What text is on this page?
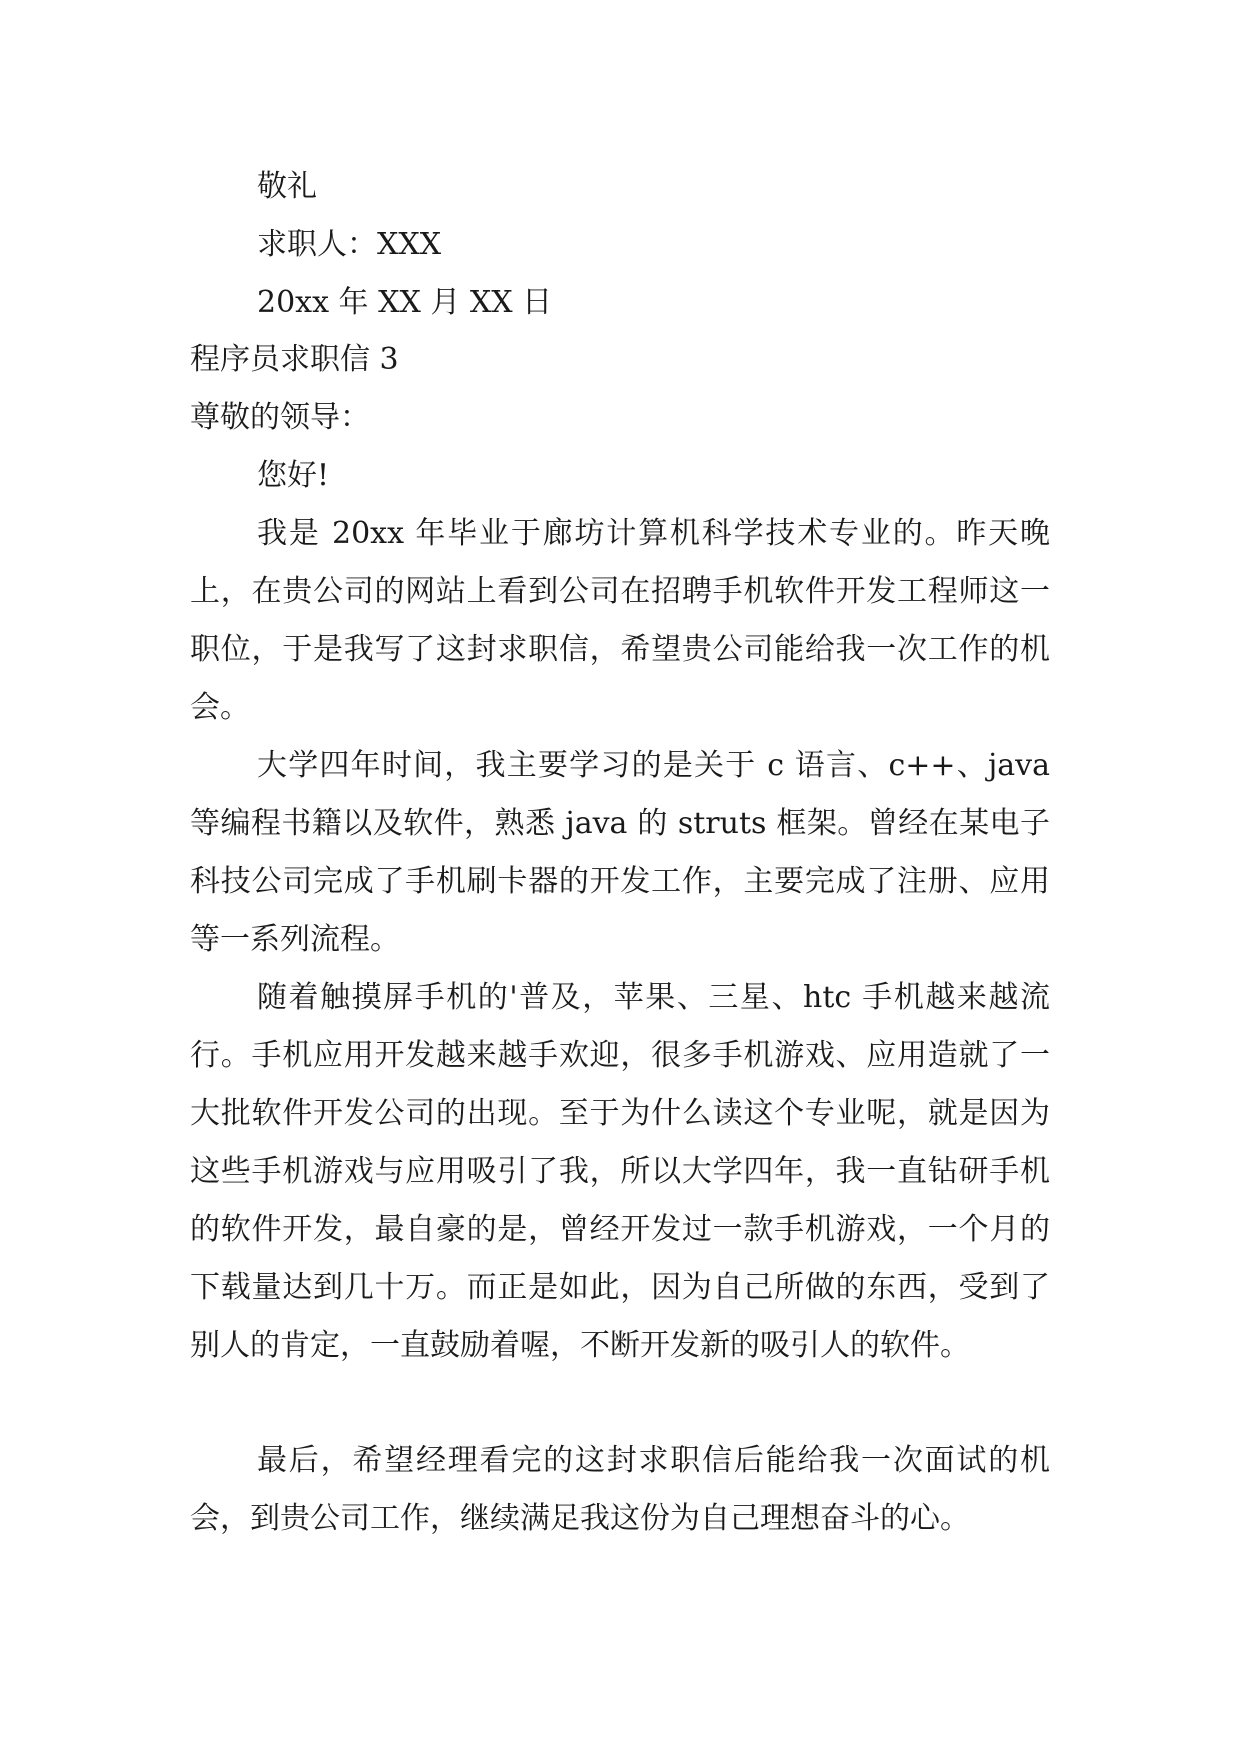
敬礼

求职人：XXX

20xx 年 XX 月 XX 日

程序员求职信 3

尊敬的领导：

您好!

我是 20xx 年毕业于廊坊计算机科学技术专业的。昨天晚上，在贵公司的网站上看到公司在招聘手机软件开发工程师这一职位，于是我写了这封求职信，希望贵公司能给我一次工作的机会。

大学四年时间，我主要学习的是关于 c 语言、c++、java 等编程书籍以及软件，熟悉 java 的 struts 框架。曾经在某电子科技公司完成了手机刷卡器的开发工作，主要完成了注册、应用等一系列流程。

随着触摸屏手机的'普及，苹果、三星、htc 手机越来越流行。手机应用开发越来越手欢迎，很多手机游戏、应用造就了一大批软件开发公司的出现。至于为什么读这个专业呢，就是因为这些手机游戏与应用吸引了我，所以大学四年，我一直钻研手机的软件开发，最自豪的是，曾经开发过一款手机游戏，一个月的下载量达到几十万。而正是如此，因为自己所做的东西，受到了别人的肯定，一直鼓励着喔，不断开发新的吸引人的软件。

最后，希望经理看完的这封求职信后能给我一次面试的机会，到贵公司工作，继续满足我这份为自己理想奋斗的心。
